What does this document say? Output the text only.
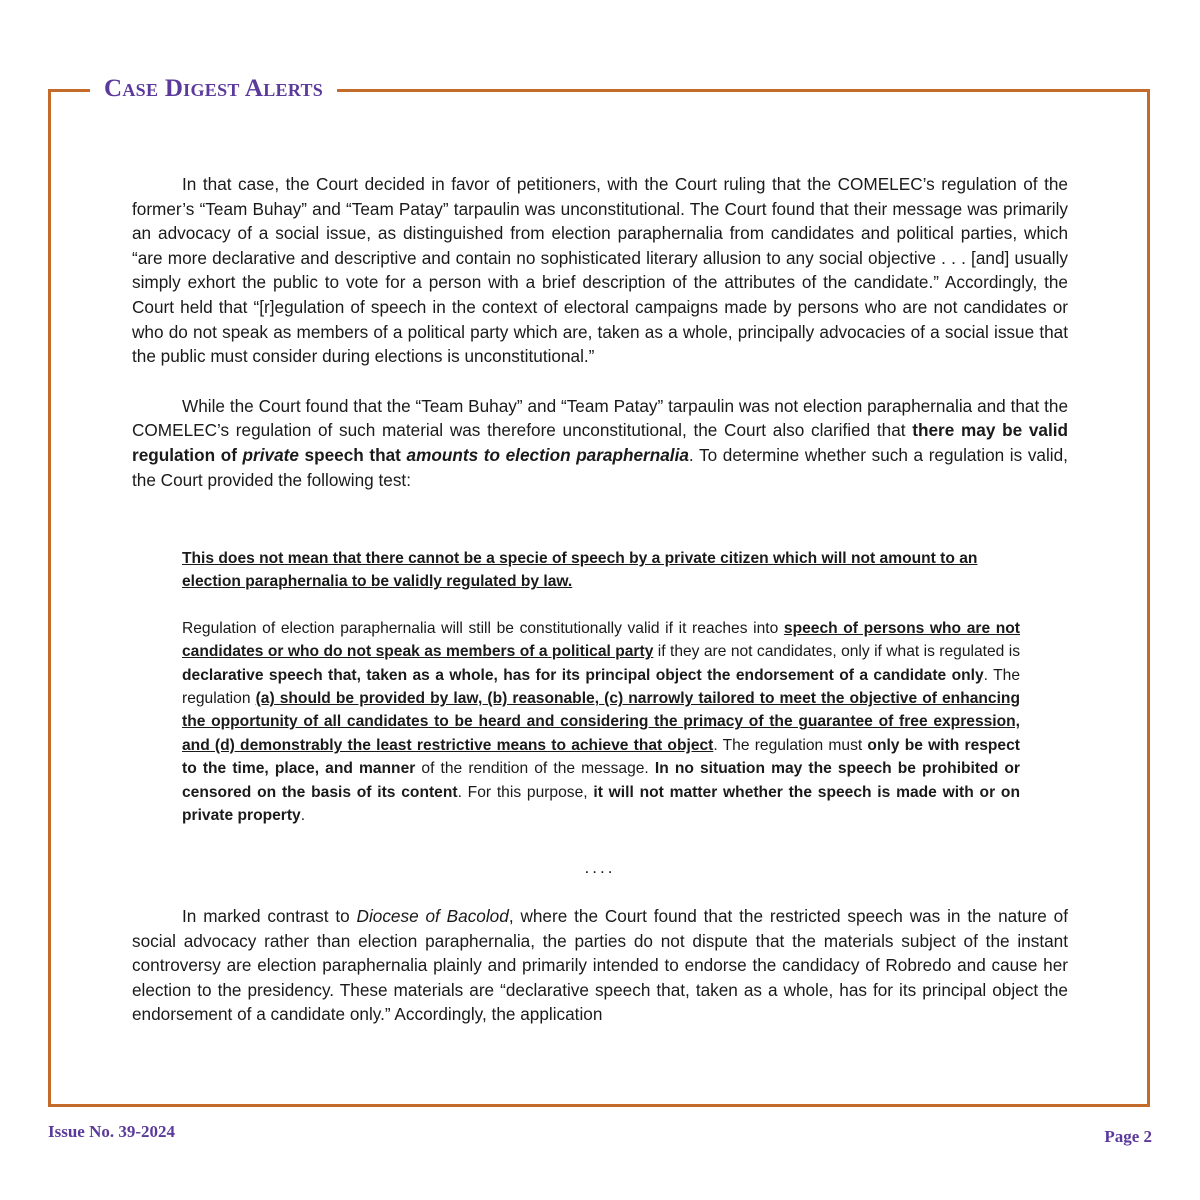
Case Digest Alerts

In that case, the Court decided in favor of petitioners, with the Court ruling that the COMELEC’s regulation of the former’s “Team Buhay” and “Team Patay” tarpaulin was unconstitutional. The Court found that their message was primarily an advocacy of a social issue, as distinguished from election paraphernalia from candidates and political parties, which “are more declarative and descriptive and contain no sophisticated literary allusion to any social objective . . . [and] usually simply exhort the public to vote for a person with a brief description of the attributes of the candidate.” Accordingly, the Court held that “[r]egulation of speech in the context of electoral campaigns made by persons who are not candidates or who do not speak as members of a political party which are, taken as a whole, principally advocacies of a social issue that the public must consider during elections is unconstitutional.”

While the Court found that the “Team Buhay” and “Team Patay” tarpaulin was not election paraphernalia and that the COMELEC’s regulation of such material was therefore unconstitutional, the Court also clarified that there may be valid regulation of private speech that amounts to election paraphernalia. To determine whether such a regulation is valid, the Court provided the following test:

This does not mean that there cannot be a specie of speech by a private citizen which will not amount to an election paraphernalia to be validly regulated by law.

Regulation of election paraphernalia will still be constitutionally valid if it reaches into speech of persons who are not candidates or who do not speak as members of a political party if they are not candidates, only if what is regulated is declarative speech that, taken as a whole, has for its principal object the endorsement of a candidate only. The regulation (a) should be provided by law, (b) reasonable, (c) narrowly tailored to meet the objective of enhancing the opportunity of all candidates to be heard and considering the primacy of the guarantee of free expression, and (d) demonstrably the least restrictive means to achieve that object. The regulation must only be with respect to the time, place, and manner of the rendition of the message. In no situation may the speech be prohibited or censored on the basis of its content. For this purpose, it will not matter whether the speech is made with or on private property.

....

In marked contrast to Diocese of Bacolod, where the Court found that the restricted speech was in the nature of social advocacy rather than election paraphernalia, the parties do not dispute that the materials subject of the instant controversy are election paraphernalia plainly and primarily intended to endorse the candidacy of Robredo and cause her election to the presidency. These materials are “declarative speech that, taken as a whole, has for its principal object the endorsement of a candidate only.” Accordingly, the application

Issue No. 39-2024	Page 2
